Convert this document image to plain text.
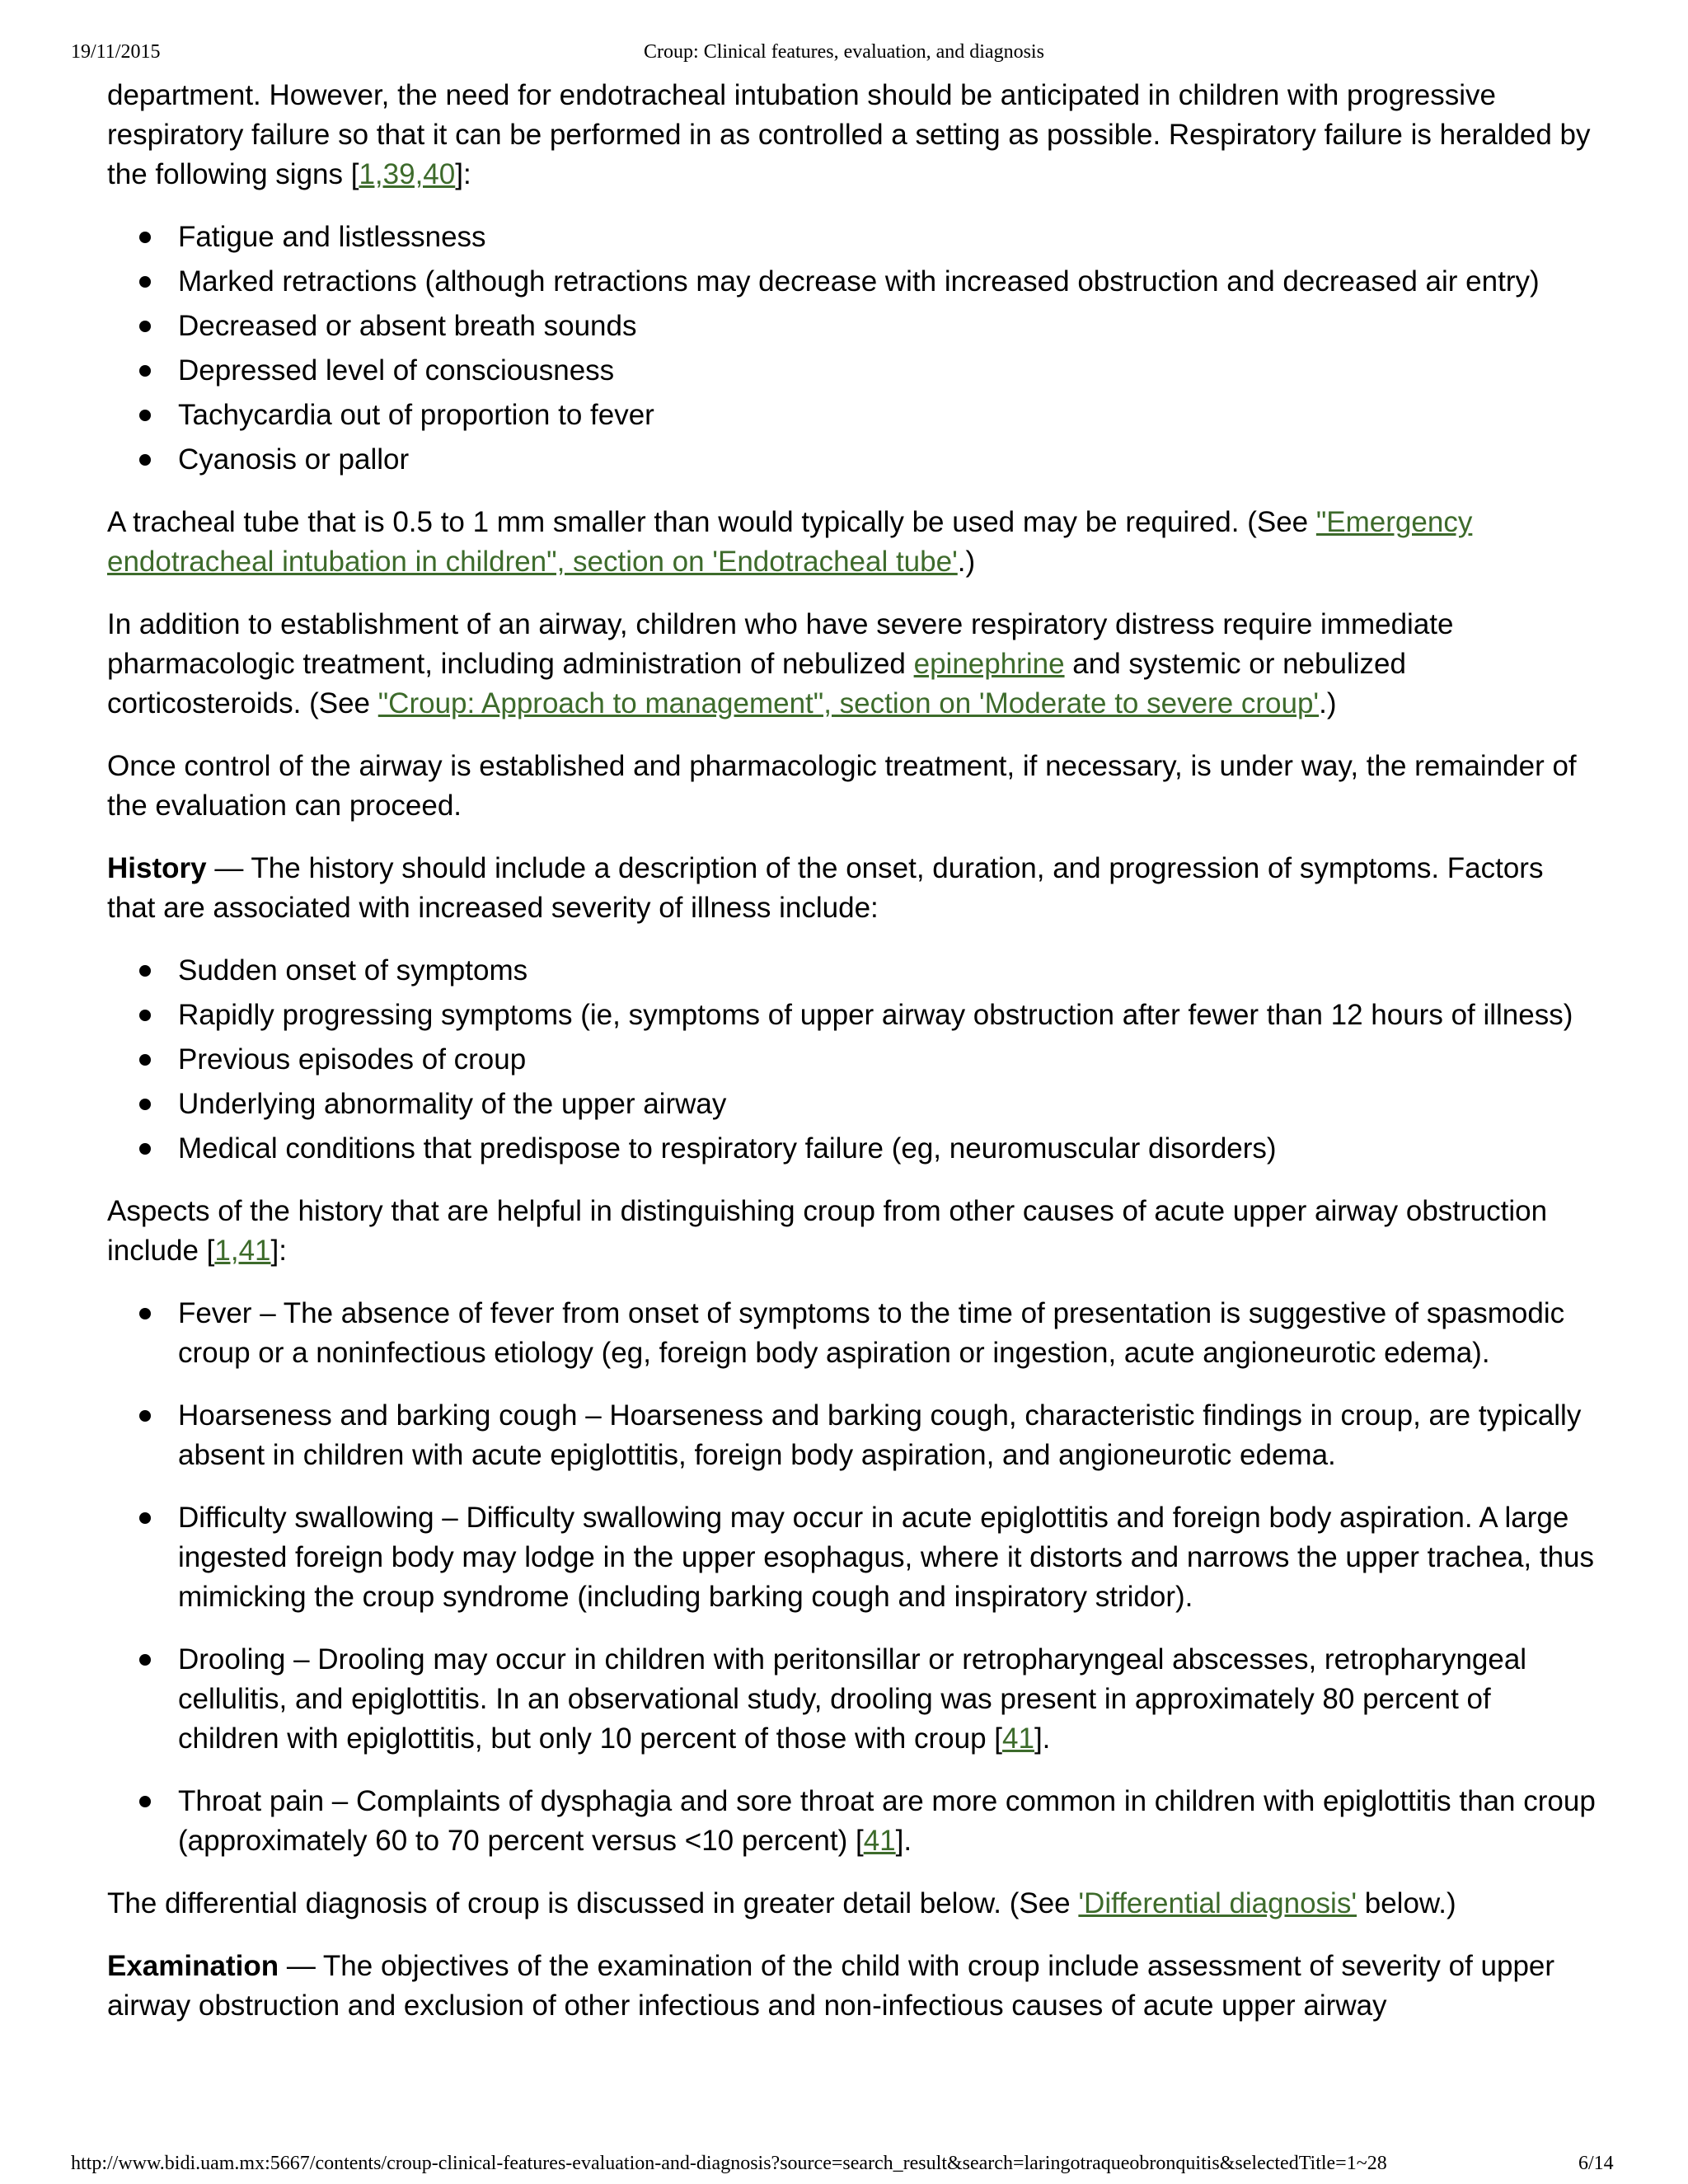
19/11/2015	Croup: Clinical features, evaluation, and diagnosis

department. However, the need for endotracheal intubation should be anticipated in children with progressive respiratory failure so that it can be performed in as controlled a setting as possible. Respiratory failure is heralded by the following signs [1,39,40]:

Fatigue and listlessness
Marked retractions (although retractions may decrease with increased obstruction and decreased air entry)
Decreased or absent breath sounds
Depressed level of consciousness
Tachycardia out of proportion to fever
Cyanosis or pallor

A tracheal tube that is 0.5 to 1 mm smaller than would typically be used may be required. (See "Emergency endotracheal intubation in children", section on 'Endotracheal tube'.)

In addition to establishment of an airway, children who have severe respiratory distress require immediate pharmacologic treatment, including administration of nebulized epinephrine and systemic or nebulized corticosteroids. (See "Croup: Approach to management", section on 'Moderate to severe croup'.)

Once control of the airway is established and pharmacologic treatment, if necessary, is under way, the remainder of the evaluation can proceed.

History — The history should include a description of the onset, duration, and progression of symptoms. Factors that are associated with increased severity of illness include:

Sudden onset of symptoms
Rapidly progressing symptoms (ie, symptoms of upper airway obstruction after fewer than 12 hours of illness)
Previous episodes of croup
Underlying abnormality of the upper airway
Medical conditions that predispose to respiratory failure (eg, neuromuscular disorders)

Aspects of the history that are helpful in distinguishing croup from other causes of acute upper airway obstruction include [1,41]:

Fever – The absence of fever from onset of symptoms to the time of presentation is suggestive of spasmodic croup or a noninfectious etiology (eg, foreign body aspiration or ingestion, acute angioneurotic edema).
Hoarseness and barking cough – Hoarseness and barking cough, characteristic findings in croup, are typically absent in children with acute epiglottitis, foreign body aspiration, and angioneurotic edema.
Difficulty swallowing – Difficulty swallowing may occur in acute epiglottitis and foreign body aspiration. A large ingested foreign body may lodge in the upper esophagus, where it distorts and narrows the upper trachea, thus mimicking the croup syndrome (including barking cough and inspiratory stridor).
Drooling – Drooling may occur in children with peritonsillar or retropharyngeal abscesses, retropharyngeal cellulitis, and epiglottitis. In an observational study, drooling was present in approximately 80 percent of children with epiglottitis, but only 10 percent of those with croup [41].
Throat pain – Complaints of dysphagia and sore throat are more common in children with epiglottitis than croup (approximately 60 to 70 percent versus <10 percent) [41].

The differential diagnosis of croup is discussed in greater detail below. (See 'Differential diagnosis' below.)

Examination — The objectives of the examination of the child with croup include assessment of severity of upper airway obstruction and exclusion of other infectious and non-infectious causes of acute upper airway

http://www.bidi.uam.mx:5667/contents/croup-clinical-features-evaluation-and-diagnosis?source=search_result&search=laringotraqueobronquitis&selectedTitle=1~28	6/14
